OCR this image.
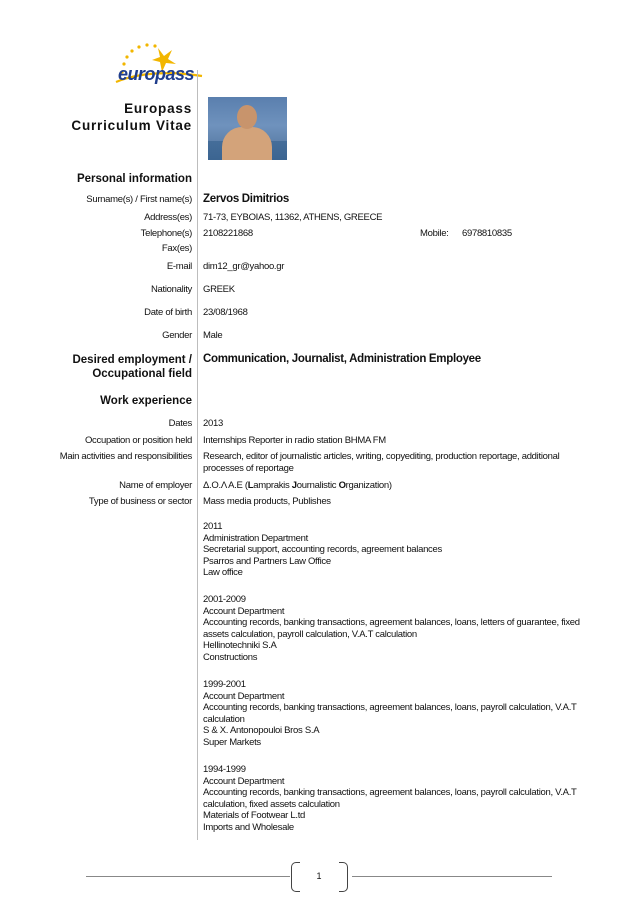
europass
Europass
Curriculum Vitae
Personal information
Surname(s) / First name(s) Zervos Dimitrios
Address(es) 71-73, EYBOIAS, 11362, ATHENS, GREECE
Telephone(s) 2108221868	Mobile: 6978810835
Fax(es)
E-mail dim12_gr@yahoo.gr
Nationality GREEK
Date of birth 23/08/1968
Gender Male
Desired employment /
Occupational field
Communication, Journalist, Administration Employee
Work experience
Dates 2013
Occupation or position held Internships Reporter in radio station BHMA FM
Main activities and responsibilities Research, editor of journalistic articles, writing, copyediting, production reportage, additional processes of reportage
Name of employer Δ.Ο.Λ Α.Ε (Lamprakis Journalistic Organization)
Type of business or sector Mass media products, Publishes
2011
Administration Department
Secretarial support, accounting records, agreement balances
Psarros and Partners Law Office
Law office
2001-2009
Account Department
Accounting records, banking transactions, agreement balances, loans, letters of guarantee, fixed assets calculation, payroll calculation, V.A.T calculation
Hellinotechniki S.A
Constructions
1999-2001
Account Department
Accounting records, banking transactions, agreement balances, loans, payroll calculation, V.A.T calculation
S & X. Antonopouloi Bros S.A
Super Markets
1994-1999
Account Department
Accounting records, banking transactions, agreement balances, loans, payroll calculation, V.A.T calculation, fixed assets calculation
Materials of Footwear L.td
Imports and Wholesale
1
